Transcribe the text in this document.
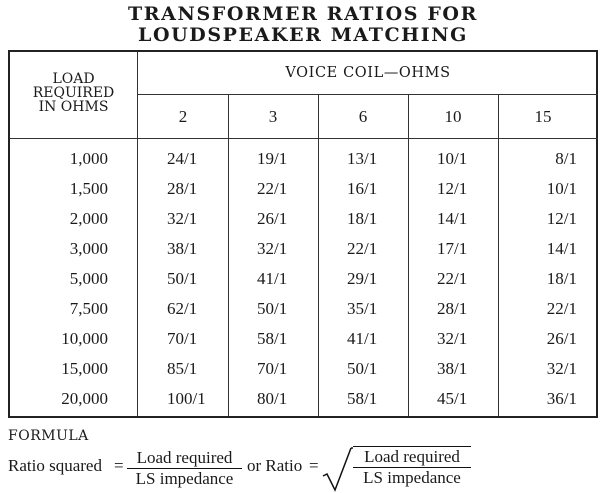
TRANSFORMER RATIOS FOR
LOUDSPEAKER MATCHING
LOAD
REQUIRED
IN OHMS
VOICE COIL—OHMS
2	3	6	10	15
1,000	24/1	19/1	13/1	10/1	8/1
1,500	28/1	22/1	16/1	12/1	10/1
2,000	32/1	26/1	18/1	14/1	12/1
3,000	38/1	32/1	22/1	17/1	14/1
5,000	50/1	41/1	29/1	22/1	18/1
7,500	62/1	50/1	35/1	28/1	22/1
10,000	70/1	58/1	41/1	32/1	26/1
15,000	85/1	70/1	50/1	38/1	32/1
20,000	100/1	80/1	58/1	45/1	36/1
FORMULA
Ratio squared = Load required
LS impedance
or Ratio =	Load required
LS impedance
